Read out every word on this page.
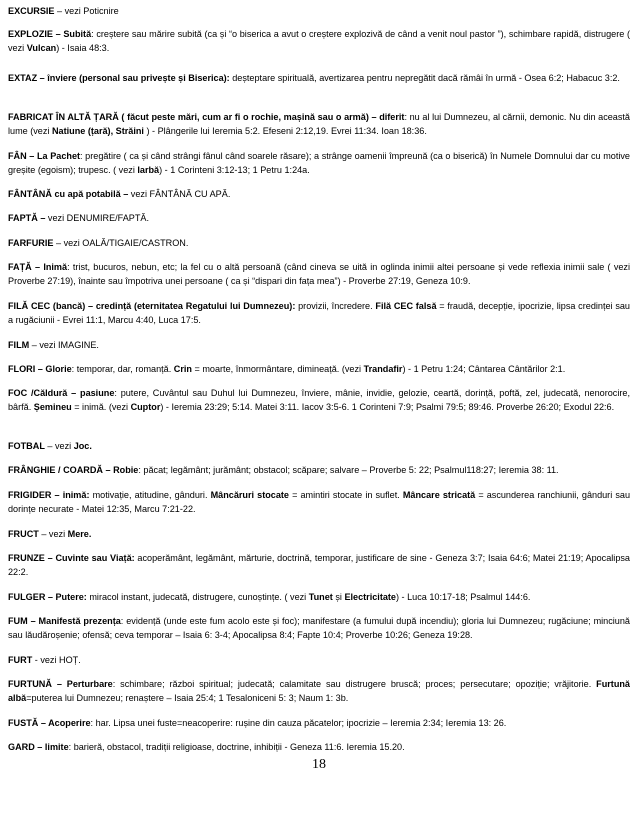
EXCURSIE – vezi Poticnire
EXPLOZIE – Subită: creștere sau mărire subită (ca și “o biserica a avut o creștere explozivă de când a venit noul pastor ”), schimbare rapidă, distrugere ( vezi Vulcan) - Isaia 48:3.
EXTAZ – înviere (personal sau privește și Biserica): deșteptare spirituală, avertizarea pentru nepregătit dacă rămâi în urmă - Osea 6:2; Habacuc 3:2.
FABRICAT ÎN ALTĂ ȚARĂ ( făcut peste mări, cum ar fi o rochie, mașină sau o armă) – diferit: nu al lui Dumnezeu, al cărnii, demonic. Nu din această lume (vezi Natiune (țară), Străini ) - Plângerile lui Ieremia 5:2. Efeseni 2:12,19. Evrei 11:34. Ioan 18:36.
FÂN – La Pachet: pregătire ( ca și când strângi fânul când soarele răsare); a strânge oamenii împreună (ca o biserică) în Numele Domnului dar cu motive greșite (egoism); trupesc. ( vezi Iarbă) - 1 Corinteni 3:12-13; 1 Petru 1:24a.
FÂNTÂNĂ cu apă potabilă – vezi FÂNTÂNĂ CU APĂ.
FAPTĂ – vezi DENUMIRE/FAPTĂ.
FARFURIE – vezi OALĂ/TIGAIE/CASTRON.
FAȚĂ – Inimă: trist, bucuros, nebun, etc; la fel cu o altă persoană (când cineva se uită in oglinda inimii altei persoane și vede reflexia inimii sale ( vezi Proverbe 27:19), înainte sau împotriva unei persoane ( ca și “dispari din fața mea”) - Proverbe 27:19, Geneza 10:9.
FILĂ CEC (bancă) – credință (eternitatea Regatului lui Dumnezeu): provizii, încredere. Filă CEC falsă = fraudă, decepție, ipocrizie, lipsa credinței sau a rugăciunii - Evrei 11:1, Marcu 4:40, Luca 17:5.
FILM – vezi IMAGINE.
FLORI – Glorie: temporar, dar, romanță. Crin = moarte, înmormântare, dimineață. (vezi Trandafir) - 1 Petru 1:24; Cântarea Cântărilor 2:1.
FOC /Căldură – pasiune: putere, Cuvântul sau Duhul lui Dumnezeu, înviere, mânie, invidie, gelozie, ceartă, dorință, poftă, zel, judecată, nenorocire, bârfă. Șemineu = inimă. (vezi Cuptor) - Ieremia 23:29; 5:14. Matei 3:11. Iacov 3:5-6. 1 Corinteni 7:9; Psalmi 79:5; 89:46. Proverbe 26:20; Exodul 22:6.
FOTBAL – vezi Joc.
FRÂNGHIE / COARDĂ – Robie: păcat; legământ; jurământ; obstacol; scăpare; salvare – Proverbe 5: 22; Psalmul118:27; Ieremia 38: 11.
FRIGIDER – inimă: motivație, atitudine, gânduri. Mâncăruri stocate = amintiri stocate in suflet. Mâncare stricată = ascunderea ranchiunii, gânduri sau dorințe necurate - Matei 12:35, Marcu 7:21-22.
FRUCT – vezi Mere.
FRUNZE – Cuvinte sau Viață: acoperământ, legământ, mărturie, doctrină, temporar, justificare de sine - Geneza 3:7; Isaia 64:6; Matei 21:19; Apocalipsa 22:2.
FULGER – Putere: miracol instant, judecată, distrugere, cunoștințe. ( vezi Tunet și Electricitate) - Luca 10:17-18; Psalmul 144:6.
FUM – Manifestă prezența: evidență (unde este fum acolo este și foc); manifestare (a fumului după incendiu); gloria lui Dumnezeu; rugăciune; minciună sau lăudăroșenie; ofensă; ceva temporar – Isaia 6: 3-4; Apocalipsa 8:4; Fapte 10:4; Proverbe 10:26; Geneza 19:28.
FURT - vezi HOȚ.
FURTUNĂ – Perturbare: schimbare; război spiritual; judecată; calamitate sau distrugere bruscă; proces; persecutare; opoziție; vrăjitorie. Furtună albă=puterea lui Dumnezeu; renaștere – Isaia 25:4; 1 Tesaloniceni 5: 3; Naum 1: 3b.
FUSTĂ – Acoperire: har. Lipsa unei fuste=neacoperire: rușine din cauza păcatelor; ipocrizie – Ieremia 2:34; Ieremia 13: 26.
GARD – limite: barieră, obstacol, tradiții religioase, doctrine, inhibiții - Geneza 11:6. Ieremia 15.20.
18
